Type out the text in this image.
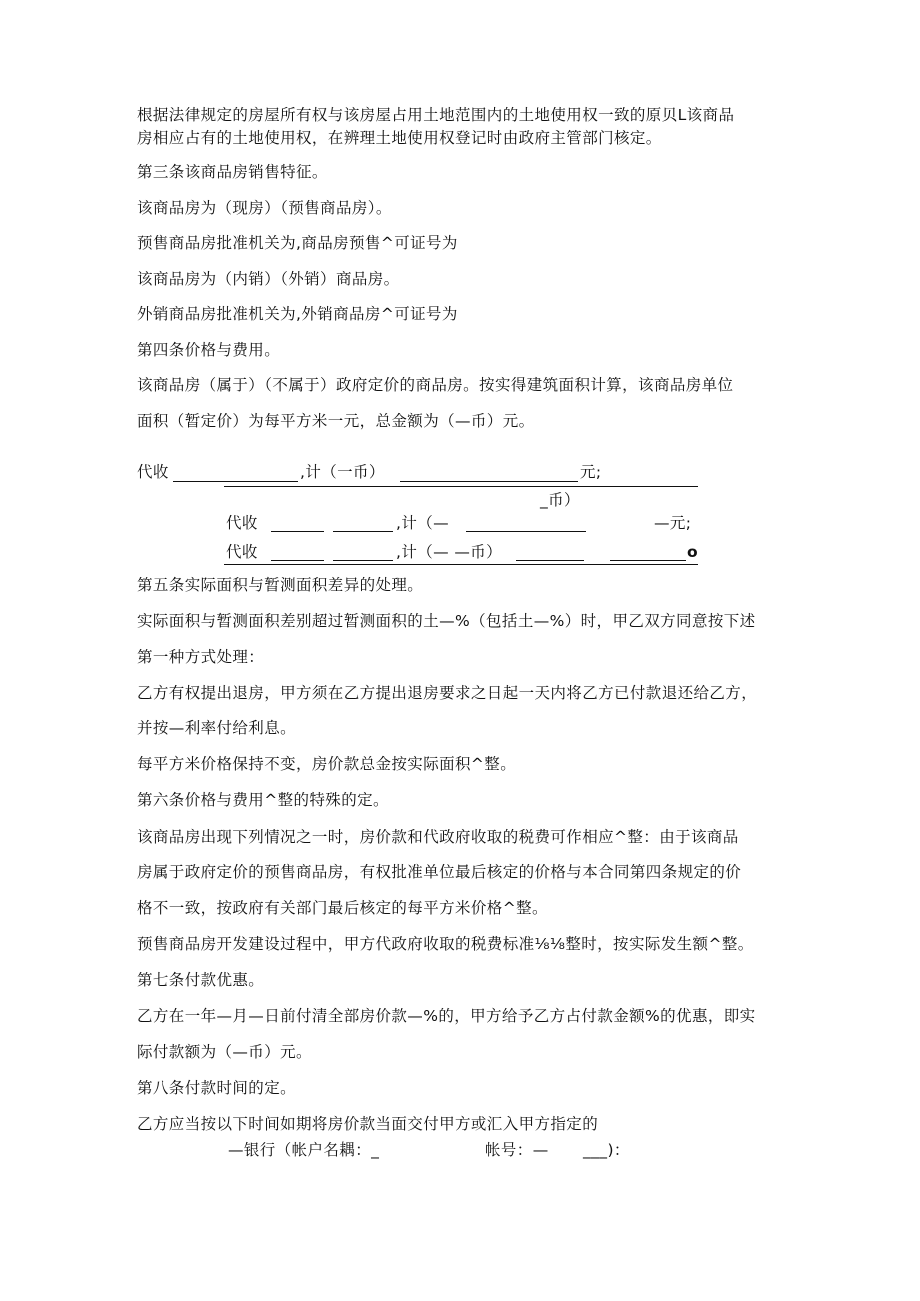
根据法律规定的房屋所有权与该房屋占用土地范围内的土地使用权一致的原贝L该商品
房相应占有的土地使用权，在辨理土地使用权登记时由政府主管部门核定。
第三条该商品房销售特征。
该商品房为（现房）（预售商品房）。
预售商品房批准机关为,商品房预售^可证号为
该商品房为（内销）（外销）商品房。
外销商品房批准机关为,外销商品房^可证号为
第四条价格与费用。
该商品房（属于）（不属于）政府定价的商品房。按实得建筑面积计算，该商品房单位
面积（暂定价）为每平方米一元，总金额为（—币）元。
代收	,计（一币）	元;
_币）
代收	,计（—	—元;
代收	,计（— —币）	o
第五条实际面积与暂测面积差异的处理。
实际面积与暂测面积差别超过暂测面积的土—%（包括土—%）时，甲乙双方同意按下述
第一种方式处理：
乙方有权提出退房，甲方须在乙方提出退房要求之日起一天内将乙方已付款退还给乙方，
并按—利率付给利息。
每平方米价格保持不变，房价款总金按实际面积^整。
第六条价格与费用^整的特殊的定。
该商品房出现下列情况之一时，房价款和代政府收取的税费可作相应^整：由于该商品
房属于政府定价的预售商品房，有权批准单位最后核定的价格与本合同第四条规定的价
格不一致，按政府有关部门最后核定的每平方米价格^整。
预售商品房开发建设过程中，甲方代政府收取的税费标准⅛⅛整时，按实际发生额^整。
第七条付款优惠。
乙方在一年—月—日前付清全部房价款—%的，甲方给予乙方占付款金额%的优惠，即实
际付款额为（—币）元。
第八条付款时间的定。
乙方应当按以下时间如期将房价款当面交付甲方或汇入甲方指定的
—银行（帐户名耦：_	帐号：— ___)：
